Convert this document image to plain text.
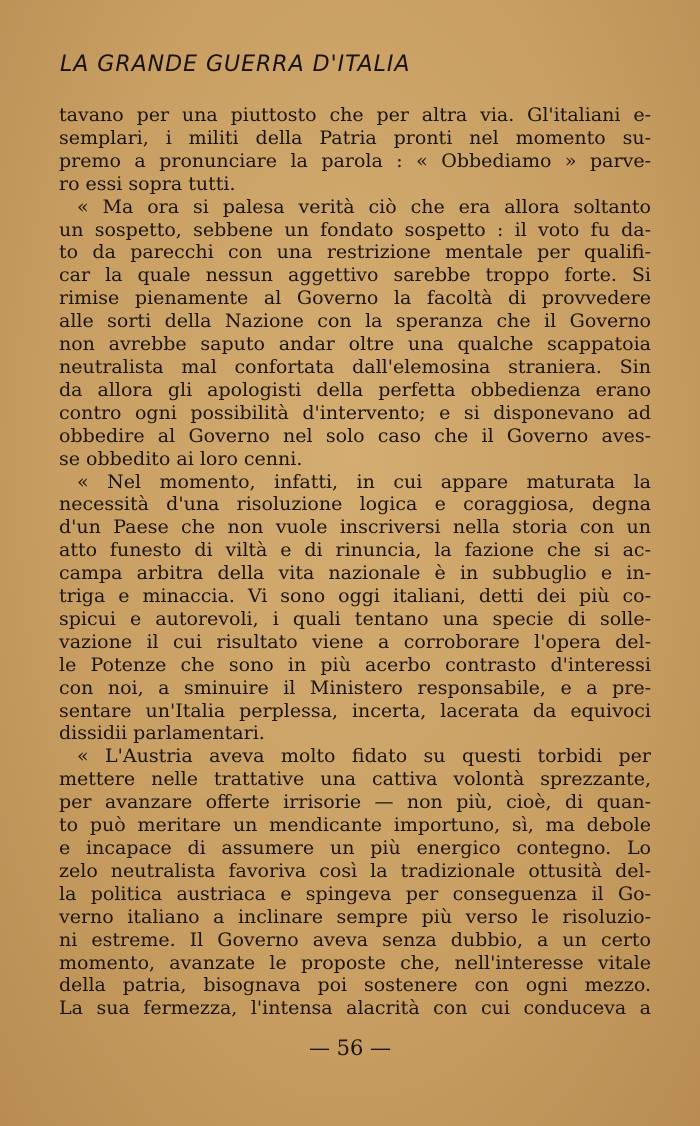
LA GRANDE GUERRA D'ITALIA
tavano per una piuttosto che per altra via. Gl'italiani e-
semplari, i militi della Patria pronti nel momento su-
premo a pronunciare la parola : « Obbediamo » parve-
ro essi sopra tutti.
« Ma ora si palesa verità ciò che era allora soltanto
un sospetto, sebbene un fondato sospetto : il voto fu da-
to da parecchi con una restrizione mentale per qualifi-
car la quale nessun aggettivo sarebbe troppo forte. Si
rimise pienamente al Governo la facoltà di provvedere
alle sorti della Nazione con la speranza che il Governo
non avrebbe saputo andar oltre una qualche scappatoia
neutralista mal confortata dall'elemosina straniera. Sin
da allora gli apologisti della perfetta obbedienza erano
contro ogni possibilità d'intervento; e si disponevano ad
obbedire al Governo nel solo caso che il Governo aves-
se obbedito ai loro cenni.
« Nel momento, infatti, in cui appare maturata la
necessità d'una risoluzione logica e coraggiosa, degna
d'un Paese che non vuole inscriversi nella storia con un
atto funesto di viltà e di rinuncia, la fazione che si ac-
campa arbitra della vita nazionale è in subbuglio e in-
triga e minaccia. Vi sono oggi italiani, detti dei più co-
spicui e autorevoli, i quali tentano una specie di solle-
vazione il cui risultato viene a corroborare l'opera del-
le Potenze che sono in più acerbo contrasto d'interessi
con noi, a sminuire il Ministero responsabile, e a pre-
sentare un'Italia perplessa, incerta, lacerata da equivoci
dissidii parlamentari.
« L'Austria aveva molto fidato su questi torbidi per
mettere nelle trattative una cattiva volontà sprezzante,
per avanzare offerte irrisorie — non più, cioè, di quan-
to può meritare un mendicante importuno, sì, ma debole
e incapace di assumere un più energico contegno. Lo
zelo neutralista favoriva così la tradizionale ottusità del-
la politica austriaca e spingeva per conseguenza il Go-
verno italiano a inclinare sempre più verso le risoluzio-
ni estreme. Il Governo aveva senza dubbio, a un certo
momento, avanzate le proposte che, nell'interesse vitale
della patria, bisognava poi sostenere con ogni mezzo.
La sua fermezza, l'intensa alacrità con cui conduceva a
— 56 —
